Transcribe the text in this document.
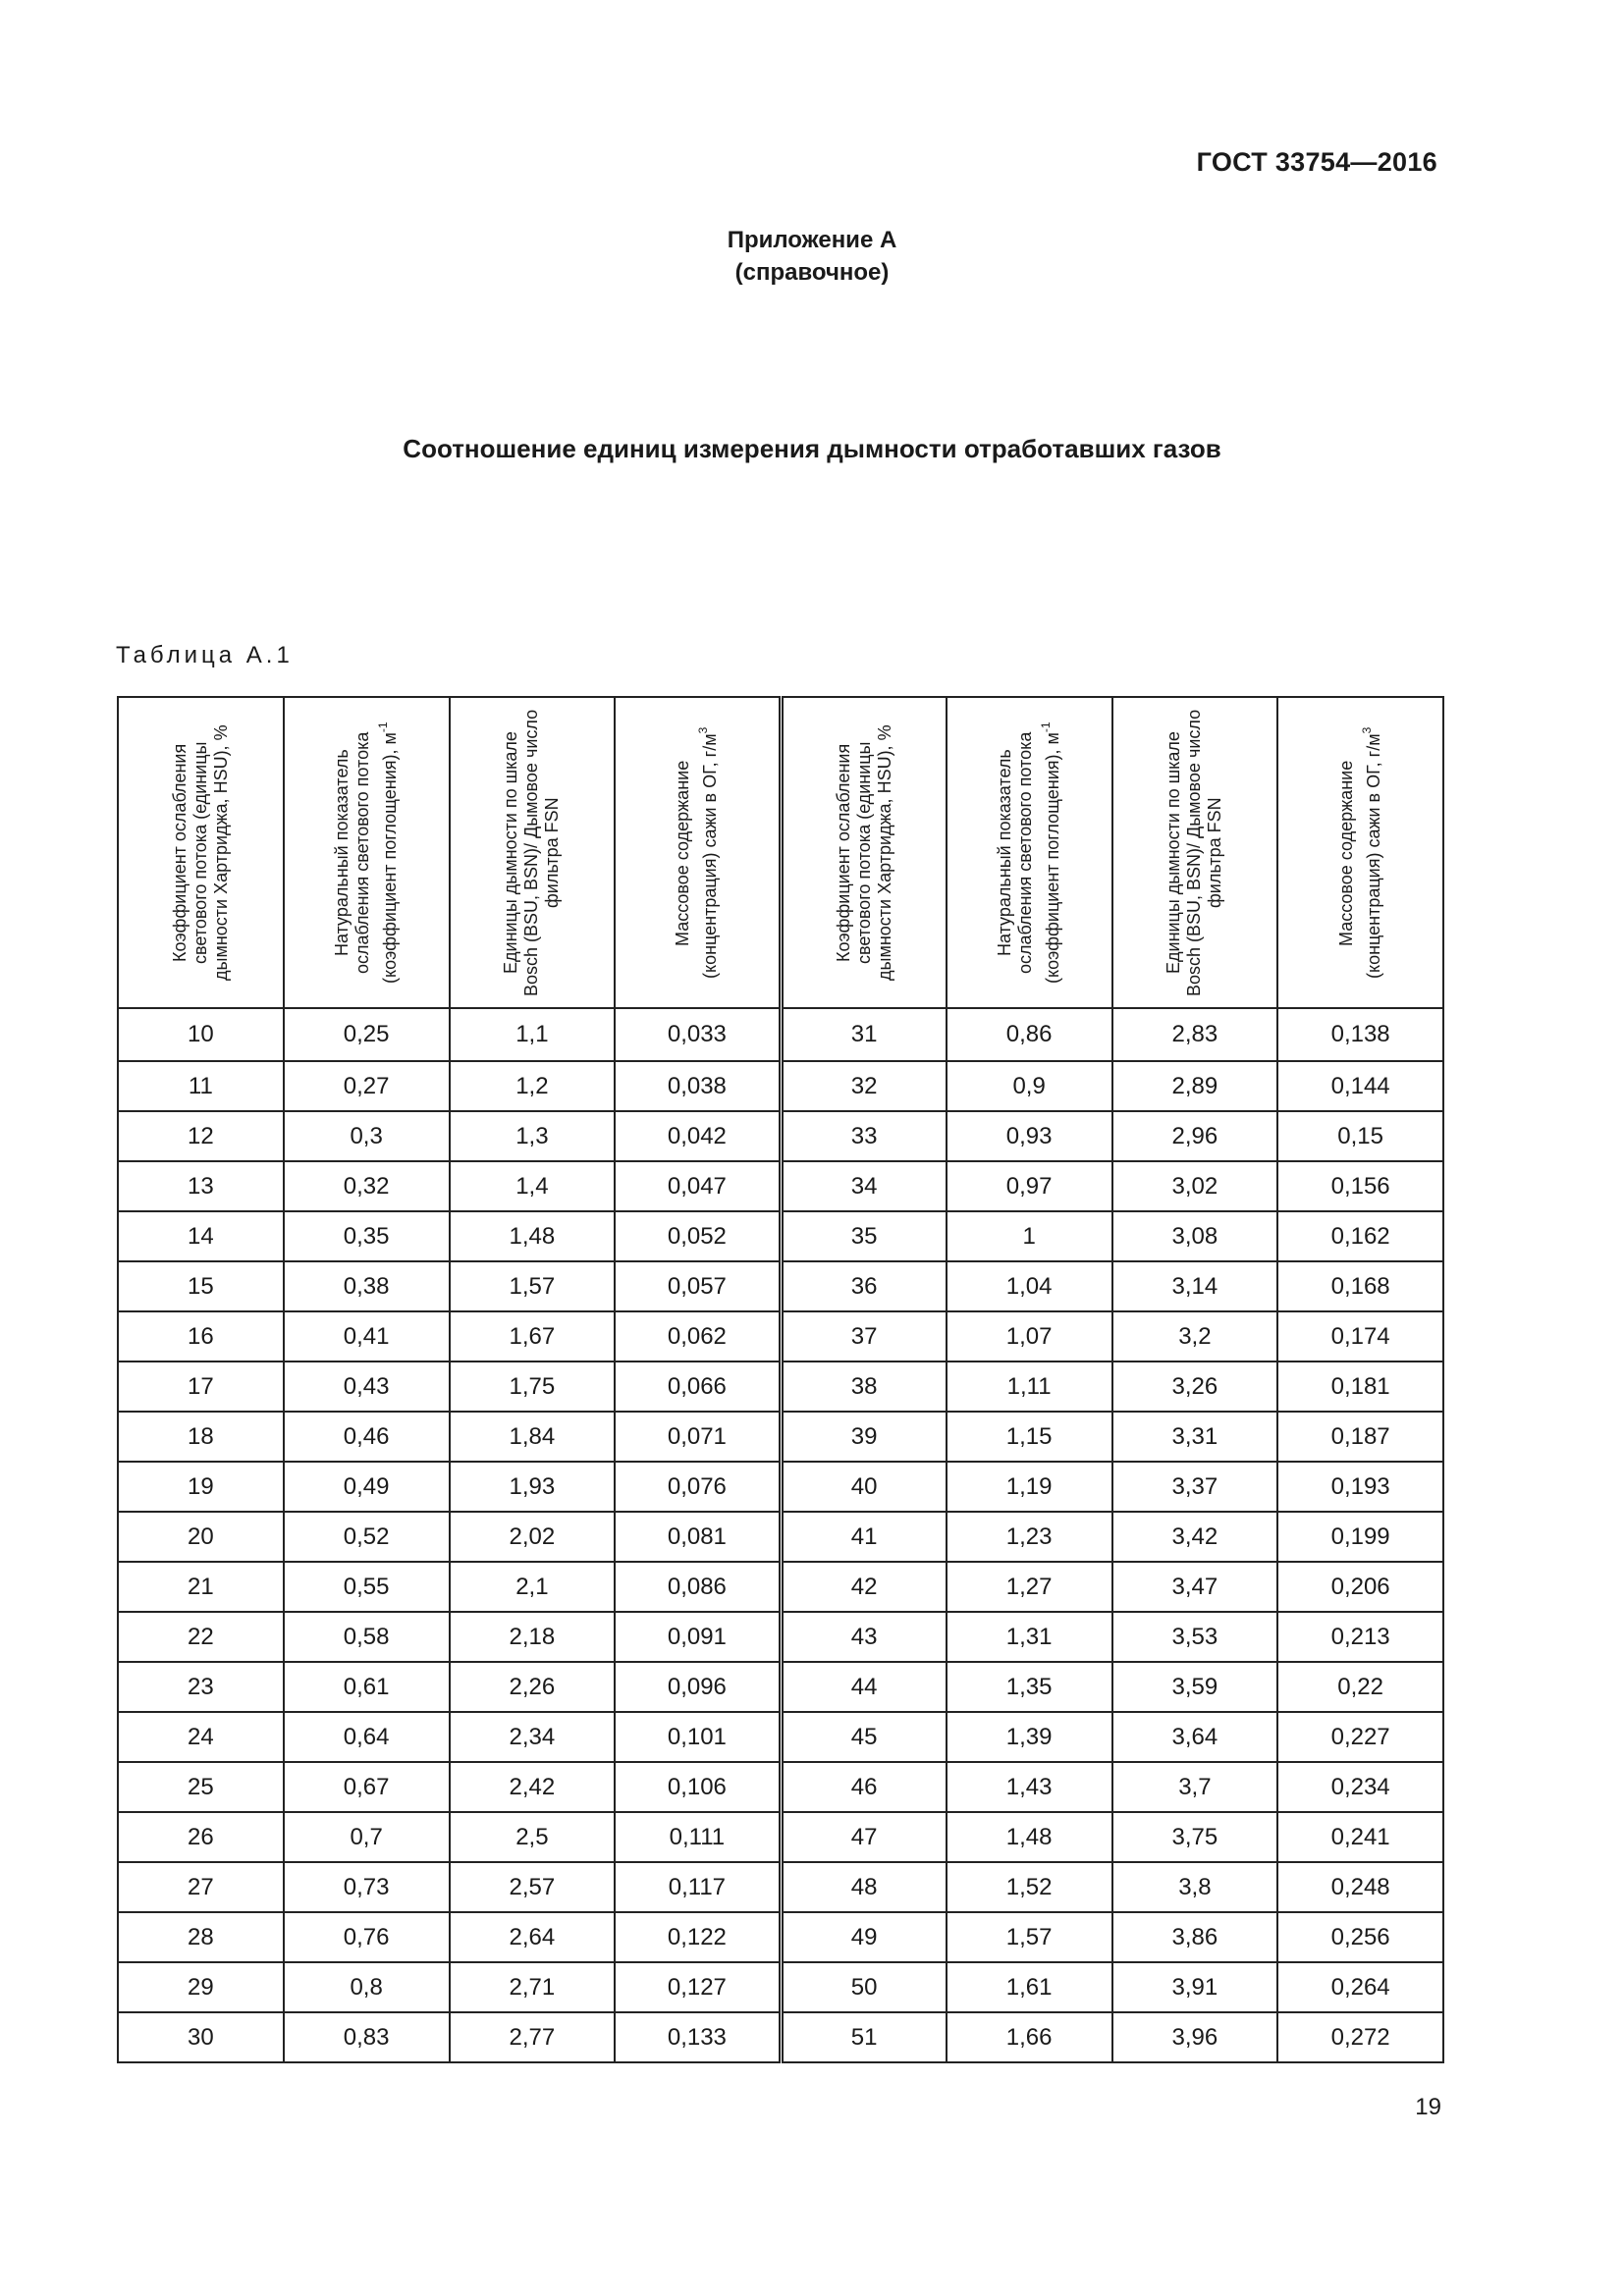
ГОСТ 33754—2016
Приложение А
(справочное)
Соотношение единиц измерения дымности отработавших газов
Таблица А.1
Коэффициент ослабления светового потока (единицы дымности Хартриджа, HSU), %	Натуральный показатель ослабления светового потока (коэффициент поглощения), $м^{-1}$	Единицы дымности по шкале Bosch (BSU, BSN)/ Дымовое число фильтра FSN	Массовое содержание (концентрация) сажи в ОГ, $г/м^3$	Коэффициент ослабления светового потока (единицы дымности Хартриджа, HSU), %	Натуральный показатель ослабления светового потока (коэффициент поглощения), $м^{-1}$	Единицы дымности по шкале Bosch (BSU, BSN)/ Дымовое число фильтра FSN	Массовое содержание (концентрация) сажи в ОГ, $г/м^3$

10	0,25	1,1	0,033	31	0,86	2,83	0,138
11	0,27	1,2	0,038	32	0,9	2,89	0,144
12	0,3	1,3	0,042	33	0,93	2,96	0,15
13	0,32	1,4	0,047	34	0,97	3,02	0,156
14	0,35	1,48	0,052	35	1	3,08	0,162
15	0,38	1,57	0,057	36	1,04	3,14	0,168
16	0,41	1,67	0,062	37	1,07	3,2	0,174
17	0,43	1,75	0,066	38	1,11	3,26	0,181
18	0,46	1,84	0,071	39	1,15	3,31	0,187
19	0,49	1,93	0,076	40	1,19	3,37	0,193
20	0,52	2,02	0,081	41	1,23	3,42	0,199
21	0,55	2,1	0,086	42	1,27	3,47	0,206
22	0,58	2,18	0,091	43	1,31	3,53	0,213
23	0,61	2,26	0,096	44	1,35	3,59	0,22
24	0,64	2,34	0,101	45	1,39	3,64	0,227
25	0,67	2,42	0,106	46	1,43	3,7	0,234
26	0,7	2,5	0,111	47	1,48	3,75	0,241
27	0,73	2,57	0,117	48	1,52	3,8	0,248
28	0,76	2,64	0,122	49	1,57	3,86	0,256
29	0,8	2,71	0,127	50	1,61	3,91	0,264
30	0,83	2,77	0,133	51	1,66	3,96	0,272
19
